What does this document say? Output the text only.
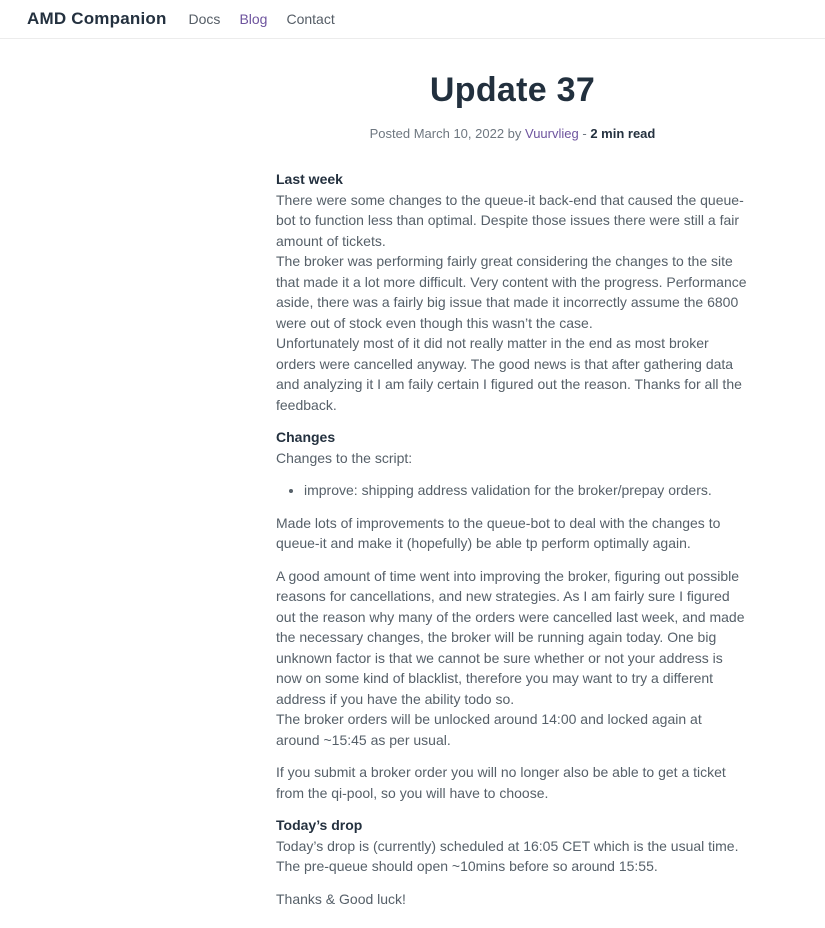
AMD Companion Docs Blog Contact
Update 37
Posted March 10, 2022 by Vuurvlieg - 2 min read

Last week
There were some changes to the queue-it back-end that caused the queue-bot to function less than optimal. Despite those issues there were still a fair amount of tickets.
The broker was performing fairly great considering the changes to the site that made it a lot more difficult. Very content with the progress. Performance aside, there was a fairly big issue that made it incorrectly assume the 6800 were out of stock even though this wasn’t the case.
Unfortunately most of it did not really matter in the end as most broker orders were cancelled anyway. The good news is that after gathering data and analyzing it I am faily certain I figured out the reason. Thanks for all the feedback.

Changes
Changes to the script:

• improve: shipping address validation for the broker/prepay orders.

Made lots of improvements to the queue-bot to deal with the changes to queue-it and make it (hopefully) be able tp perform optimally again.

A good amount of time went into improving the broker, figuring out possible reasons for cancellations, and new strategies. As I am fairly sure I figured out the reason why many of the orders were cancelled last week, and made the necessary changes, the broker will be running again today. One big unknown factor is that we cannot be sure whether or not your address is now on some kind of blacklist, therefore you may want to try a different address if you have the ability todo so.
The broker orders will be unlocked around 14:00 and locked again at around ~15:45 as per usual.

If you submit a broker order you will no longer also be able to get a ticket from the qi-pool, so you will have to choose.

Today’s drop
Today’s drop is (currently) scheduled at 16:05 CET which is the usual time. The pre-queue should open ~10mins before so around 15:55.

Thanks & Good luck!
